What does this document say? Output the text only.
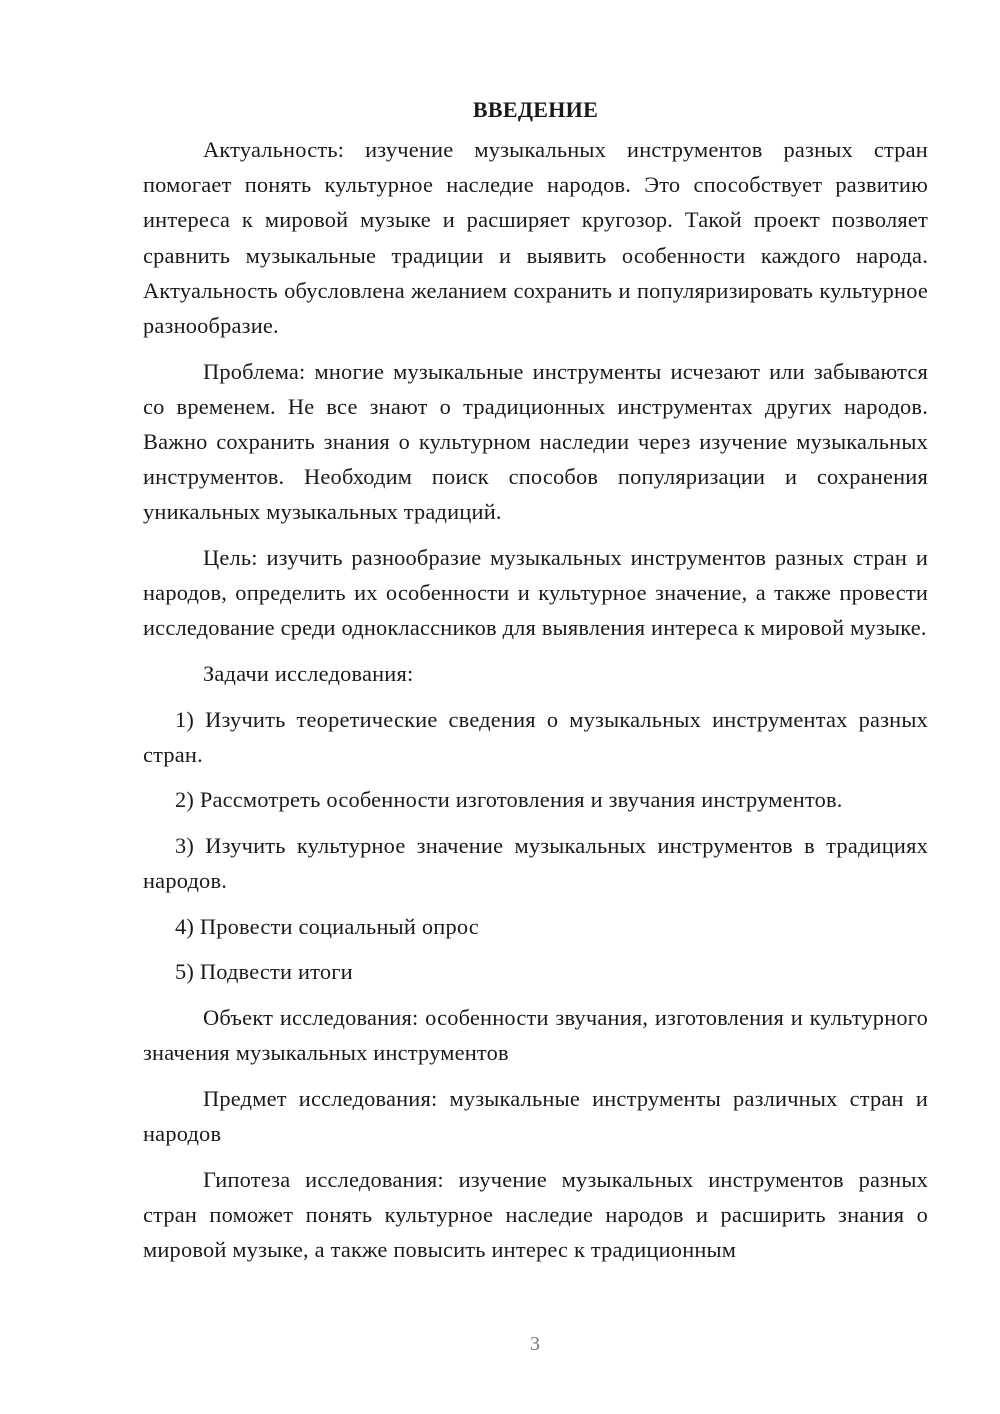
ВВЕДЕНИЕ

Актуальность: изучение музыкальных инструментов разных стран помогает понять культурное наследие народов. Это способствует развитию интереса к мировой музыке и расширяет кругозор. Такой проект позволяет сравнить музыкальные традиции и выявить особенности каждого народа. Актуальность обусловлена желанием сохранить и популяризировать культурное разнообразие.

Проблема: многие музыкальные инструменты исчезают или забываются со временем. Не все знают о традиционных инструментах других народов. Важно сохранить знания о культурном наследии через изучение музыкальных инструментов. Необходим поиск способов популяризации и сохранения уникальных музыкальных традиций.

Цель: изучить разнообразие музыкальных инструментов разных стран и народов, определить их особенности и культурное значение, а также провести исследование среди одноклассников для выявления интереса к мировой музыке.

Задачи исследования:

1) Изучить теоретические сведения о музыкальных инструментах разных стран.

2) Рассмотреть особенности изготовления и звучания инструментов.

3) Изучить культурное значение музыкальных инструментов в традициях народов.

4) Провести социальный опрос

5) Подвести итоги

Объект исследования: особенности звучания, изготовления и культурного значения музыкальных инструментов

Предмет исследования: музыкальные инструменты различных стран и народов

Гипотеза исследования: изучение музыкальных инструментов разных стран поможет понять культурное наследие народов и расширить знания о мировой музыке, а также повысить интерес к традиционным

3
